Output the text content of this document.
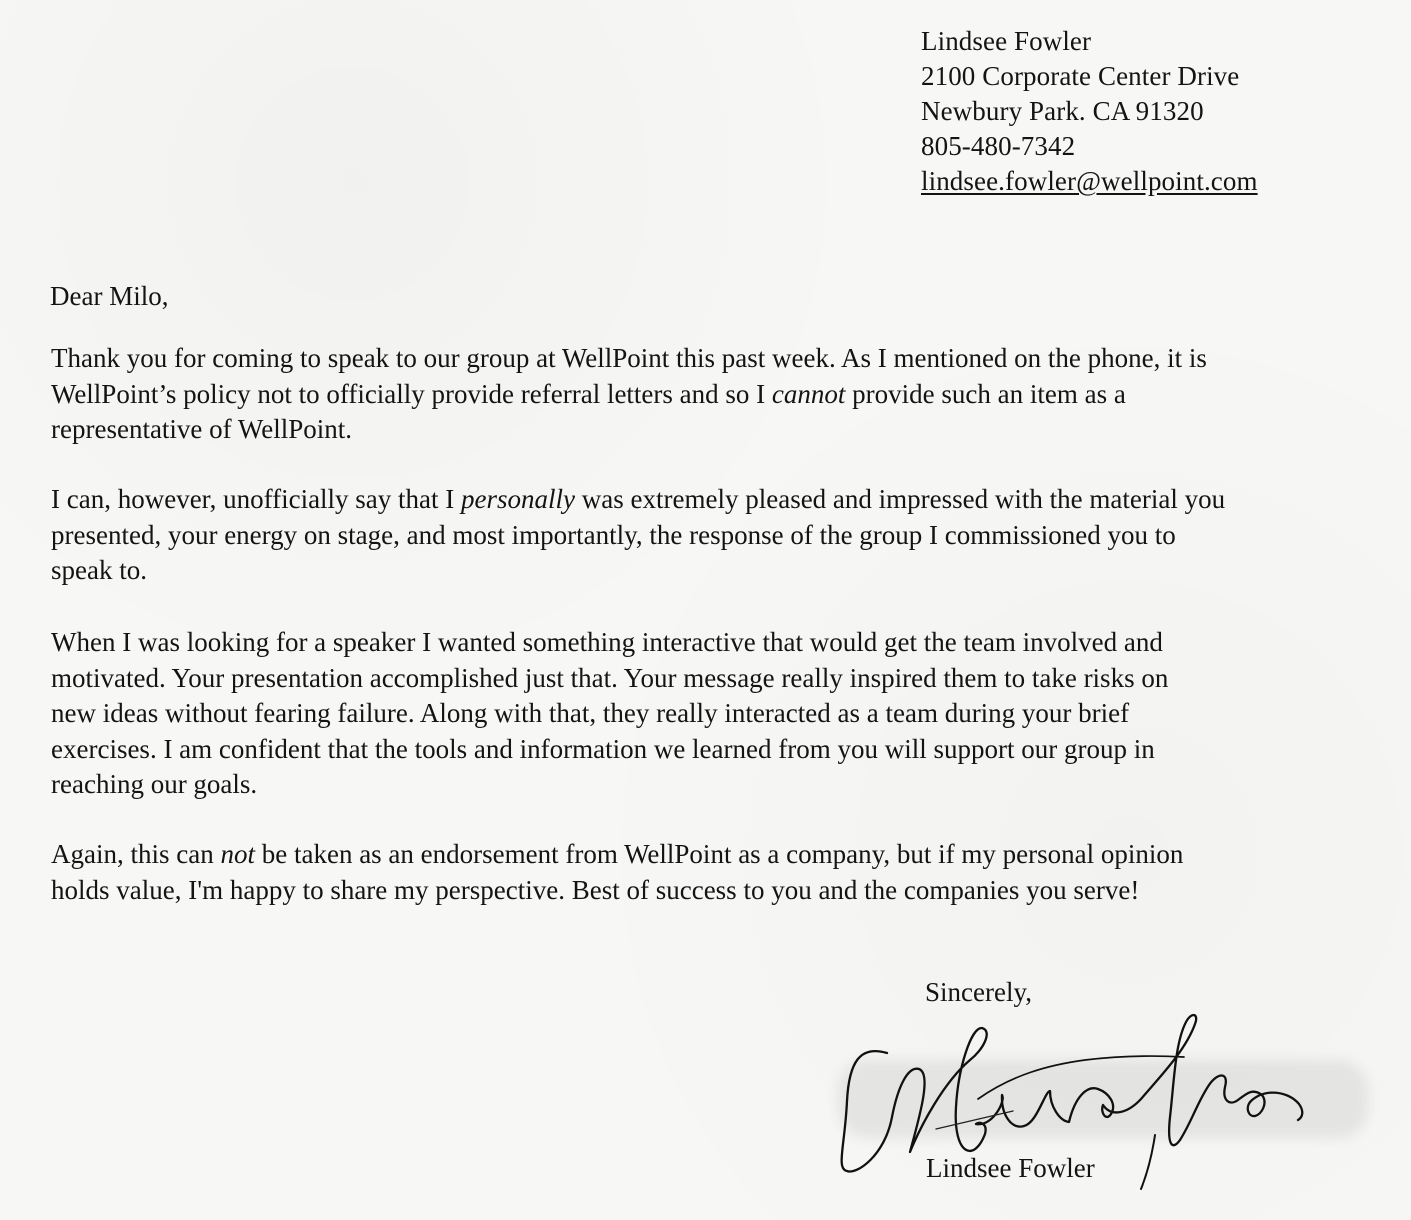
Lindsee Fowler
2100 Corporate Center Drive
Newbury Park. CA 91320
805-480-7342
lindsee.fowler@wellpoint.com
Dear Milo,
Thank you for coming to speak to our group at WellPoint this past week. As I mentioned on the phone, it is
WellPoint’s policy not to officially provide referral letters and so I cannot provide such an item as a
representative of WellPoint.
I can, however, unofficially say that I personally was extremely pleased and impressed with the material you
presented, your energy on stage, and most importantly, the response of the group I commissioned you to
speak to.
When I was looking for a speaker I wanted something interactive that would get the team involved and
motivated. Your presentation accomplished just that. Your message really inspired them to take risks on
new ideas without fearing failure. Along with that, they really interacted as a team during your brief
exercises. I am confident that the tools and information we learned from you will support our group in
reaching our goals.
Again, this can not be taken as an endorsement from WellPoint as a company, but if my personal opinion
holds value, I'm happy to share my perspective. Best of success to you and the companies you serve!
Sincerely,
Lindsee Fowler
